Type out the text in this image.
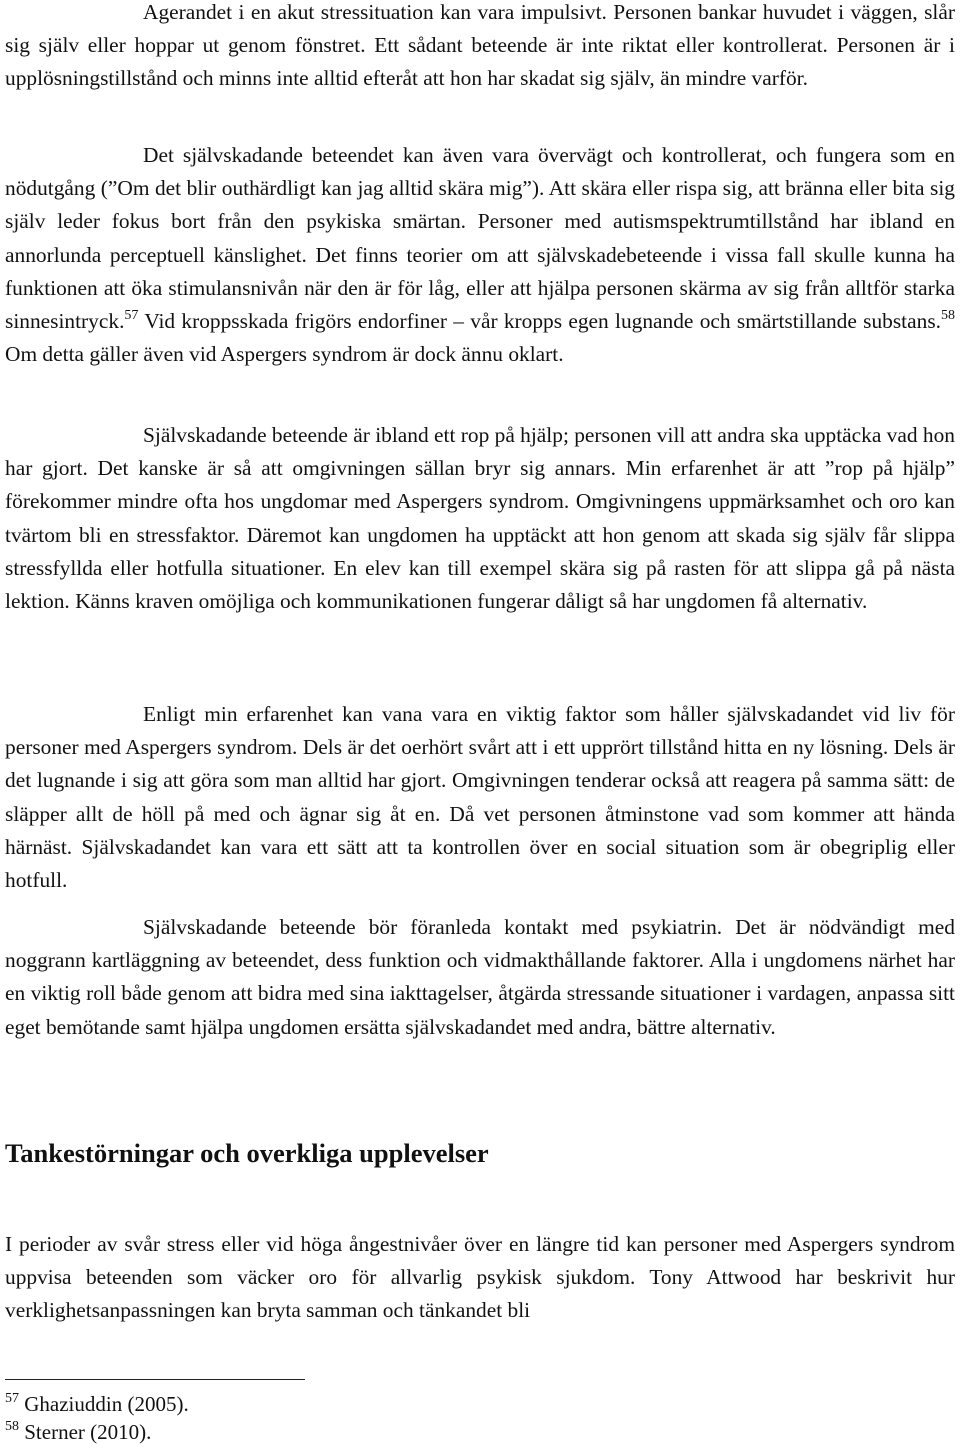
Agerandet i en akut stressituation kan vara impulsivt. Personen bankar huvudet i väggen, slår sig själv eller hoppar ut genom fönstret. Ett sådant beteende är inte riktat eller kontrollerat. Personen är i upplösningstillstånd och minns inte alltid efteråt att hon har skadat sig själv, än mindre varför.

Det självskadande beteendet kan även vara övervägt och kontrollerat, och fungera som en nödutgång (”Om det blir outhärdligt kan jag alltid skära mig”). Att skära eller rispa sig, att bränna eller bita sig själv leder fokus bort från den psykiska smärtan. Personer med autismspektrumtillstånd har ibland en annorlunda perceptuell känslighet. Det finns teorier om att självskadebeteende i vissa fall skulle kunna ha funktionen att öka stimulansnivån när den är för låg, eller att hjälpa personen skärma av sig från alltför starka sinnesintryck.$^{57}$ Vid kroppsskada frigörs endorfiner – vår kropps egen lugnande och smärtstillande substans.$^{58}$ Om detta gäller även vid Aspergers syndrom är dock ännu oklart.

Självskadande beteende är ibland ett rop på hjälp; personen vill att andra ska upptäcka vad hon har gjort. Det kanske är så att omgivningen sällan bryr sig annars. Min erfarenhet är att ”rop på hjälp” förekommer mindre ofta hos ungdomar med Aspergers syndrom. Omgivningens uppmärksamhet och oro kan tvärtom bli en stressfaktor. Däremot kan ungdomen ha upptäckt att hon genom att skada sig själv får slippa stressfyllda eller hotfulla situationer. En elev kan till exempel skära sig på rasten för att slippa gå på nästa lektion. Känns kraven omöjliga och kommunikationen fungerar dåligt så har ungdomen få alternativ.

Enligt min erfarenhet kan vana vara en viktig faktor som håller självskadandet vid liv för personer med Aspergers syndrom. Dels är det oerhört svårt att i ett upprört tillstånd hitta en ny lösning. Dels är det lugnande i sig att göra som man alltid har gjort. Omgivningen tenderar också att reagera på samma sätt: de släpper allt de höll på med och ägnar sig åt en. Då vet personen åtminstone vad som kommer att hända härnäst. Självskadandet kan vara ett sätt att ta kontrollen över en social situation som är obegriplig eller hotfull.

Självskadande beteende bör föranleda kontakt med psykiatrin. Det är nödvändigt med noggrann kartläggning av beteendet, dess funktion och vidmakthållande faktorer. Alla i ungdomens närhet har en viktig roll både genom att bidra med sina iakttagelser, åtgärda stressande situationer i vardagen, anpassa sitt eget bemötande samt hjälpa ungdomen ersätta självskadandet med andra, bättre alternativ.

Tankestörningar och overkliga upplevelser

I perioder av svår stress eller vid höga ångestnivåer över en längre tid kan personer med Aspergers syndrom uppvisa beteenden som väcker oro för allvarlig psykisk sjukdom. Tony Attwood har beskrivit hur verklighetsanpassningen kan bryta samman och tänkandet bli

$^{57}$ Ghaziuddin (2005).
$^{58}$ Sterner (2010).
